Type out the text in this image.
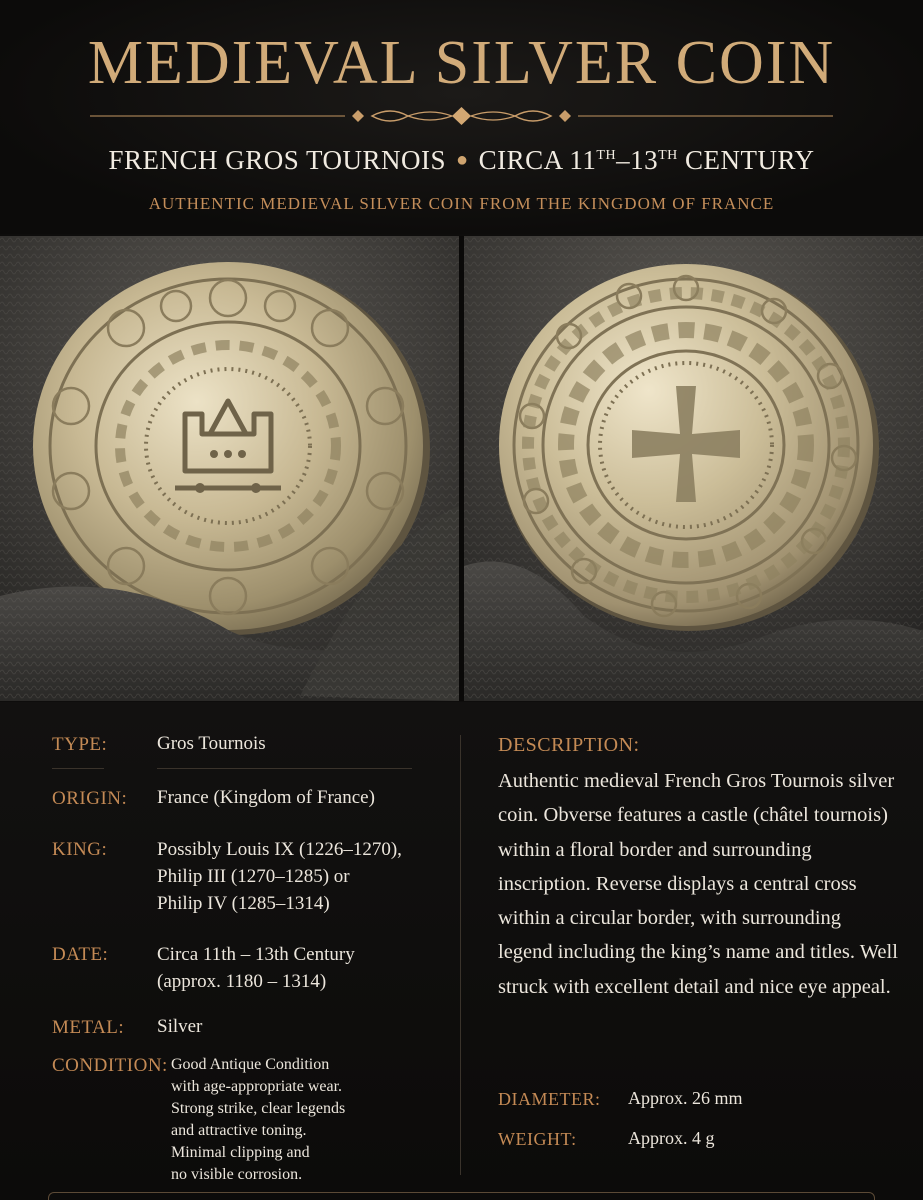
MEDIEVAL SILVER COIN
FRENCH GROS TOURNOIS ● CIRCA 11TH–13TH CENTURY
AUTHENTIC MEDIEVAL SILVER COIN FROM THE KINGDOM OF FRANCE
TYPE:	Gros Tournois
ORIGIN: France (Kingdom of France)
KING:	Possibly Louis IX (1226–1270),
Philip III (1270–1285) or
Philip IV (1285–1314)
DATE:	Circa 11th – 13th Century
(approx. 1180 – 1314)
METAL: Silver
CONDITION: Good Antique Condition
with age-appropriate wear.
Strong strike, clear legends
and attractive toning.
Minimal clipping and
no visible corrosion.
DESCRIPTION:
Authentic medieval French Gros Tournois silver coin. Obverse features a castle (châtel tournois) within a floral border and surrounding inscription. Reverse displays a central cross within a circular border, with surrounding legend including the king’s name and titles. Well struck with excellent detail and nice eye appeal.
DIAMETER: Approx. 26 mm
WEIGHT:	Approx. 4 g
